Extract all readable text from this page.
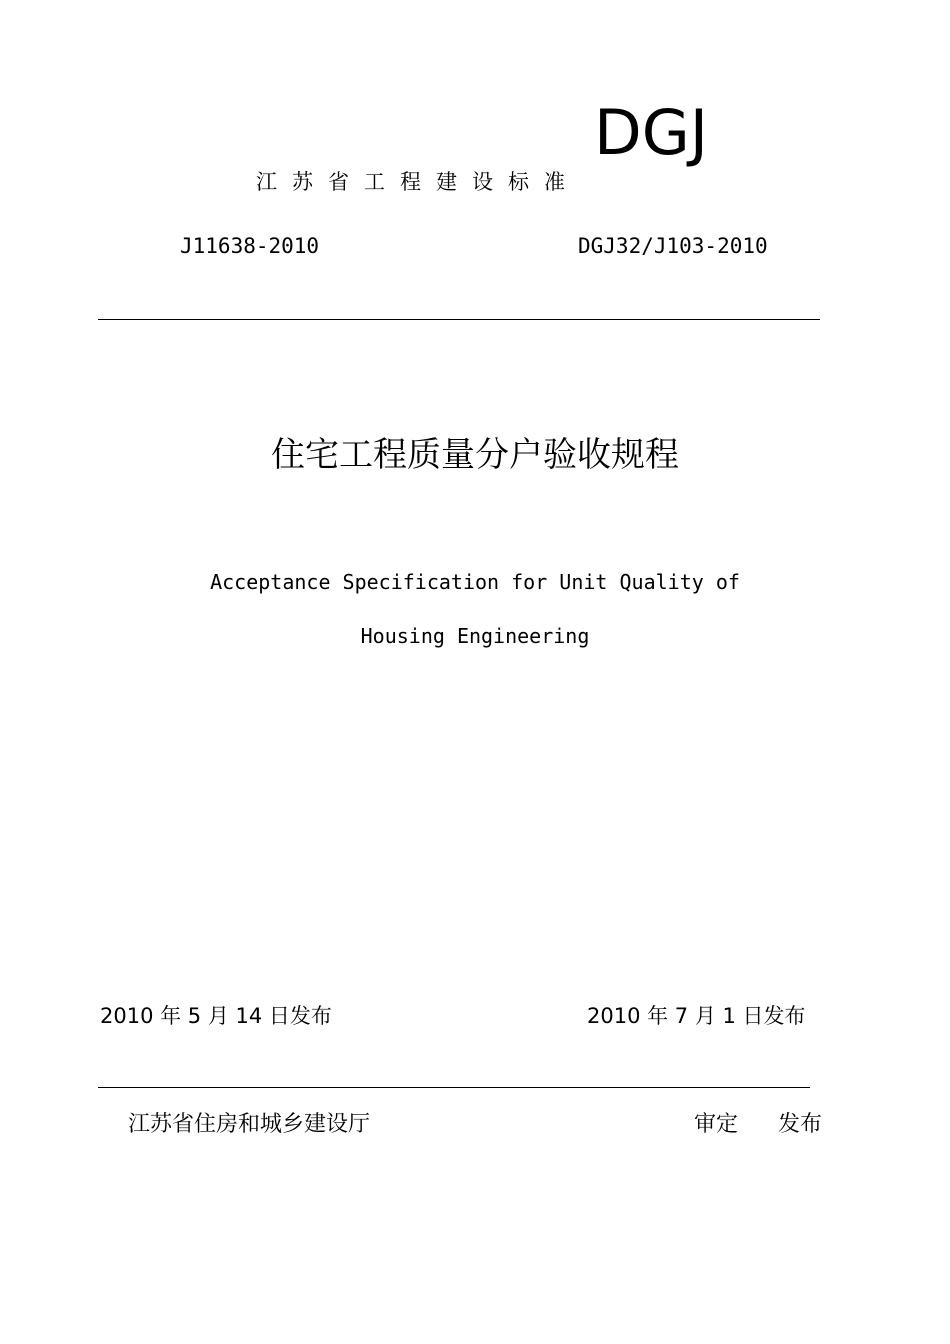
DGJ
江苏省工程建设标准
J11638-2010	DGJ32/J103-2010
住宅工程质量分户验收规程
Acceptance Specification for Unit Quality of
Housing Engineering
2010 年 5 月 14 日发布	2010 年 7 月 1 日发布
江苏省住房和城乡建设厅	审定 发布
